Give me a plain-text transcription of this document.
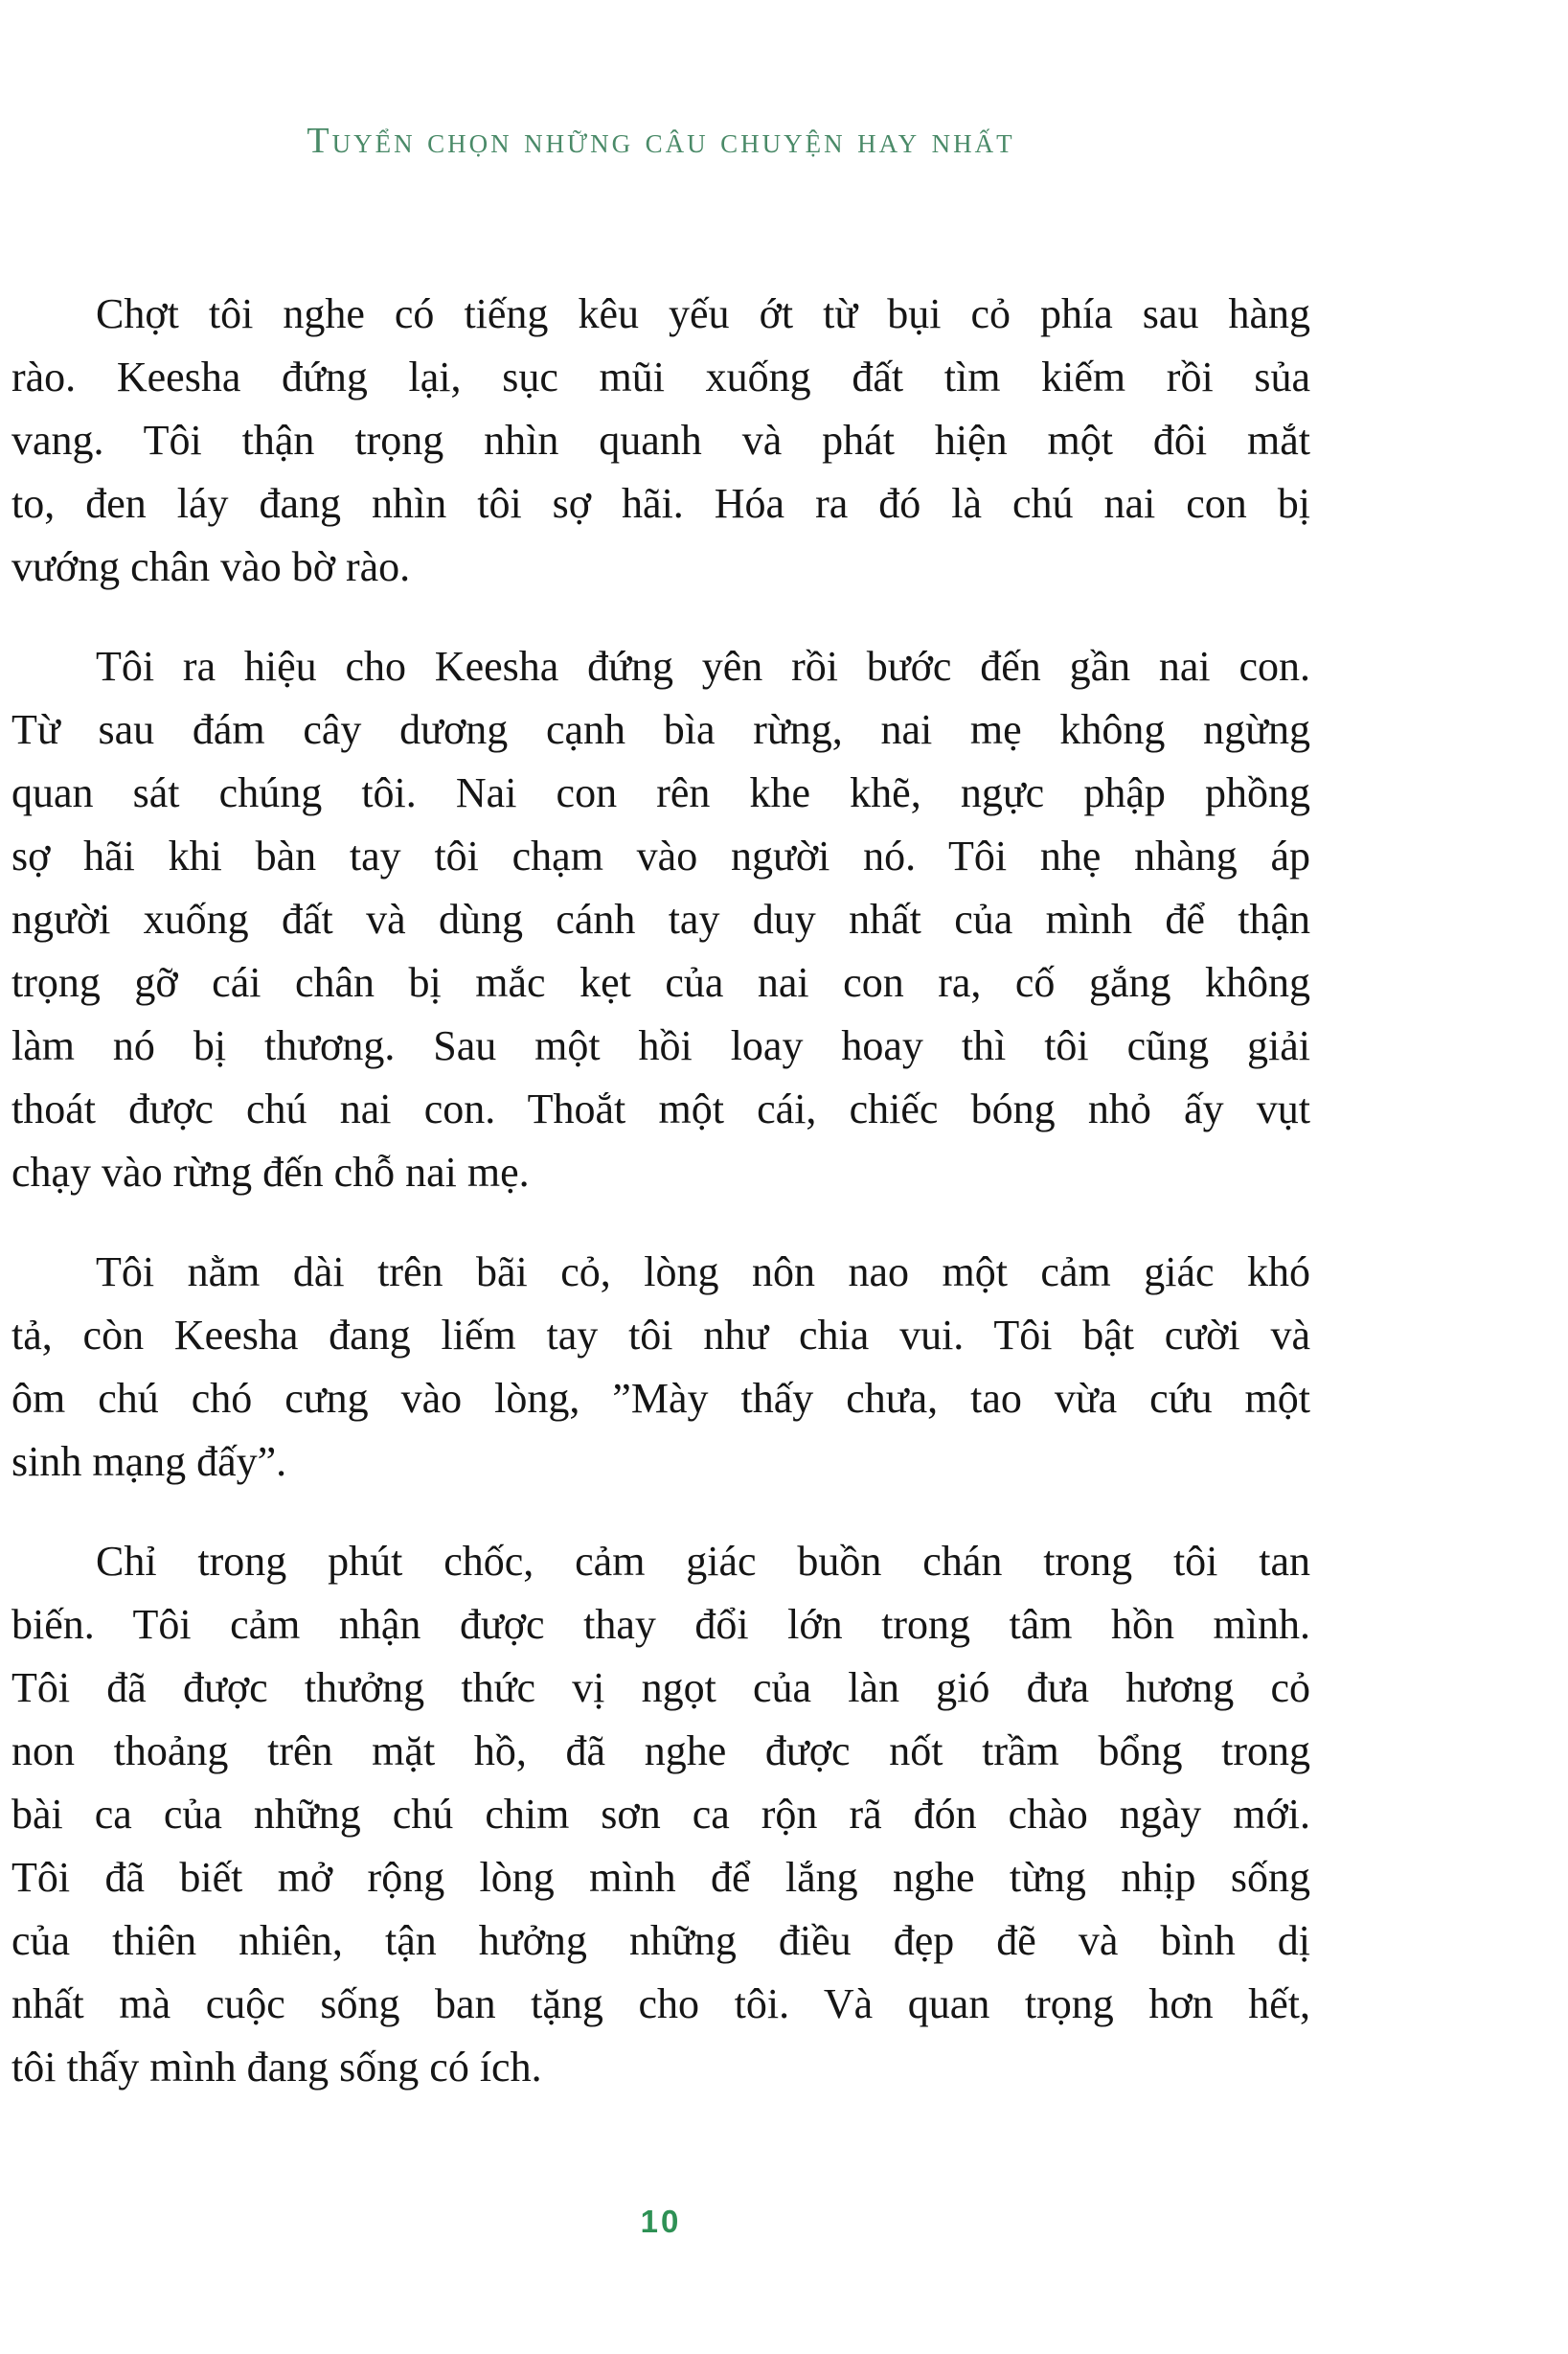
Tuyển chọn những câu chuyện hay nhất
Chợt tôi nghe có tiếng kêu yếu ớt từ bụi cỏ phía sau hàng
rào. Keesha đứng lại, sục mũi xuống đất tìm kiếm rồi sủa
vang. Tôi thận trọng nhìn quanh và phát hiện một đôi mắt
to, đen láy đang nhìn tôi sợ hãi. Hóa ra đó là chú nai con bị
vướng chân vào bờ rào.
Tôi ra hiệu cho Keesha đứng yên rồi bước đến gần nai con.
Từ sau đám cây dương cạnh bìa rừng, nai mẹ không ngừng
quan sát chúng tôi. Nai con rên khe khẽ, ngực phập phồng
sợ hãi khi bàn tay tôi chạm vào người nó. Tôi nhẹ nhàng áp
người xuống đất và dùng cánh tay duy nhất của mình để thận
trọng gỡ cái chân bị mắc kẹt của nai con ra, cố gắng không
làm nó bị thương. Sau một hồi loay hoay thì tôi cũng giải
thoát được chú nai con. Thoắt một cái, chiếc bóng nhỏ ấy vụt
chạy vào rừng đến chỗ nai mẹ.
Tôi nằm dài trên bãi cỏ, lòng nôn nao một cảm giác khó
tả, còn Keesha đang liếm tay tôi như chia vui. Tôi bật cười và
ôm chú chó cưng vào lòng, ”Mày thấy chưa, tao vừa cứu một
sinh mạng đấy”.
Chỉ trong phút chốc, cảm giác buồn chán trong tôi tan
biến. Tôi cảm nhận được thay đổi lớn trong tâm hồn mình.
Tôi đã được thưởng thức vị ngọt của làn gió đưa hương cỏ
non thoảng trên mặt hồ, đã nghe được nốt trầm bổng trong
bài ca của những chú chim sơn ca rộn rã đón chào ngày mới.
Tôi đã biết mở rộng lòng mình để lắng nghe từng nhịp sống
của thiên nhiên, tận hưởng những điều đẹp đẽ và bình dị
nhất mà cuộc sống ban tặng cho tôi. Và quan trọng hơn hết,
tôi thấy mình đang sống có ích.
10
